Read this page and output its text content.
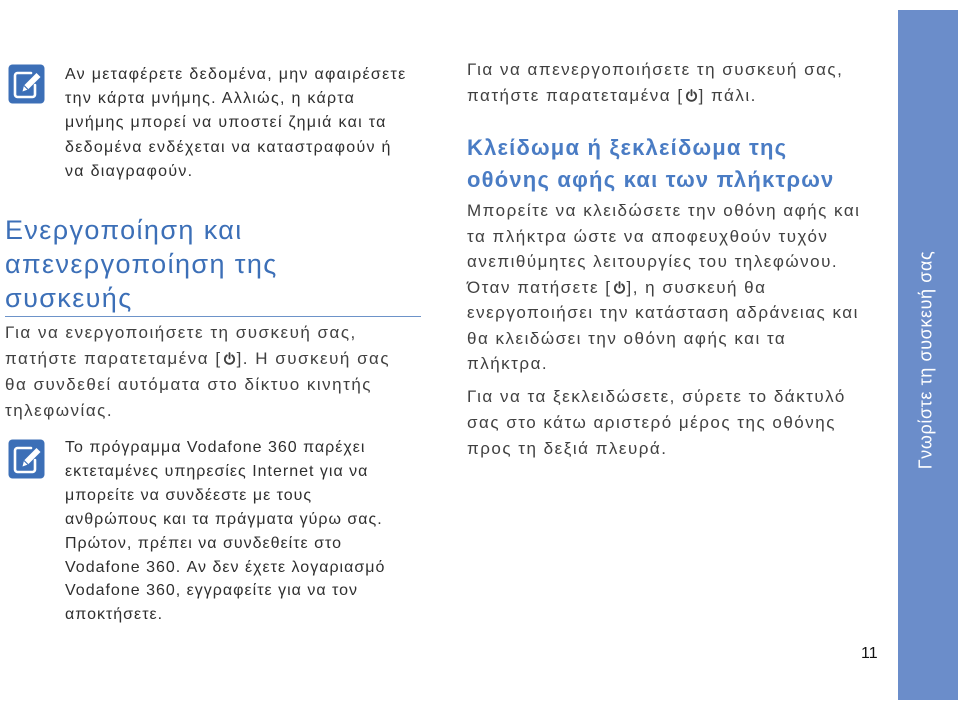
Αν μεταφέρετε δεδομένα, μην αφαιρέσετε
την κάρτα μνήμης. Αλλιώς, η κάρτα
μνήμης μπορεί να υποστεί ζημιά και τα
δεδομένα ενδέχεται να καταστραφούν ή
να διαγραφούν.
Ενεργοποίηση και
απενεργοποίηση της
συσκευής
Για να ενεργοποιήσετε τη συσκευή σας,
πατήστε παρατεταμένα [ ]. Η συσκευή σας
θα συνδεθεί αυτόματα στο δίκτυο κινητής
τηλεφωνίας.
Το πρόγραμμα Vodafone 360 παρέχει
εκτεταμένες υπηρεσίες Internet για να
μπορείτε να συνδέεστε με τους
ανθρώπους και τα πράγματα γύρω σας.
Πρώτον, πρέπει να συνδεθείτε στο
Vodafone 360. Αν δεν έχετε λογαριασμό
Vodafone 360, εγγραφείτε για να τον
αποκτήσετε.
Για να απενεργοποιήσετε τη συσκευή σας,
πατήστε παρατεταμένα [ ] πάλι.
Κλείδωμα ή ξεκλείδωμα της
οθόνης αφής και των πλήκτρων
Μπορείτε να κλειδώσετε την οθόνη αφής και
τα πλήκτρα ώστε να αποφευχθούν τυχόν
ανεπιθύμητες λειτουργίες του τηλεφώνου.
Όταν πατήσετε [ ], η συσκευή θα
ενεργοποιήσει την κατάσταση αδράνειας και
θα κλειδώσει την οθόνη αφής και τα
πλήκτρα.
Για να τα ξεκλειδώσετε, σύρετε το δάκτυλό
σας στο κάτω αριστερό μέρος της οθόνης
προς τη δεξιά πλευρά.	Γνωρίστε τη συσκευή σας
11
